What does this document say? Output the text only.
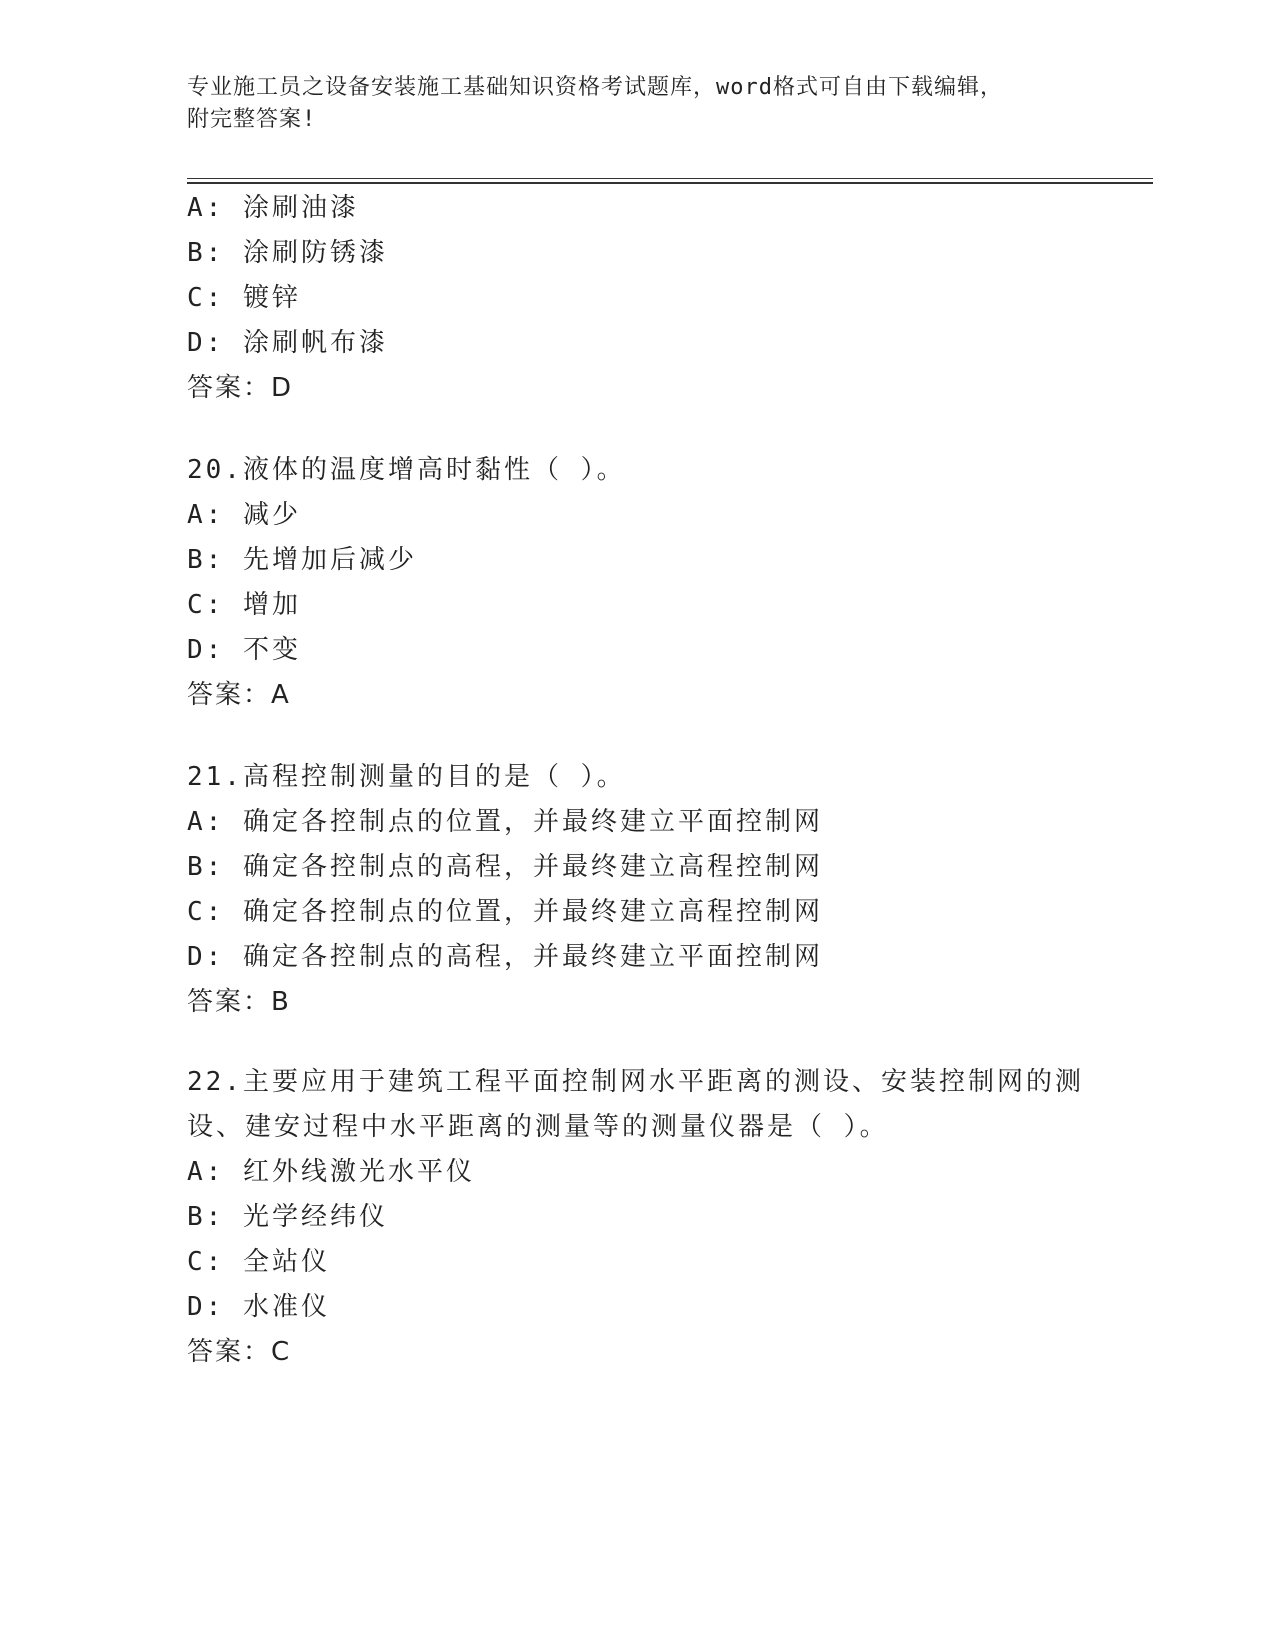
专业施工员之设备安装施工基础知识资格考试题库，word格式可自由下载编辑，
附完整答案!
A: 涂刷油漆
B: 涂刷防锈漆
C: 镀锌
D: 涂刷帆布漆
答案：D
20.液体的温度增高时黏性（ ）。
A: 减少
B: 先增加后减少
C: 增加
D: 不变
答案：A
21.高程控制测量的目的是（ ）。
A: 确定各控制点的位置，并最终建立平面控制网
B: 确定各控制点的高程，并最终建立高程控制网
C: 确定各控制点的位置，并最终建立高程控制网
D: 确定各控制点的高程，并最终建立平面控制网
答案：B
22.主要应用于建筑工程平面控制网水平距离的测设、安装控制网的测
设、建安过程中水平距离的测量等的测量仪器是（ ）。
A: 红外线激光水平仪
B: 光学经纬仪
C: 全站仪
D: 水准仪
答案：C
